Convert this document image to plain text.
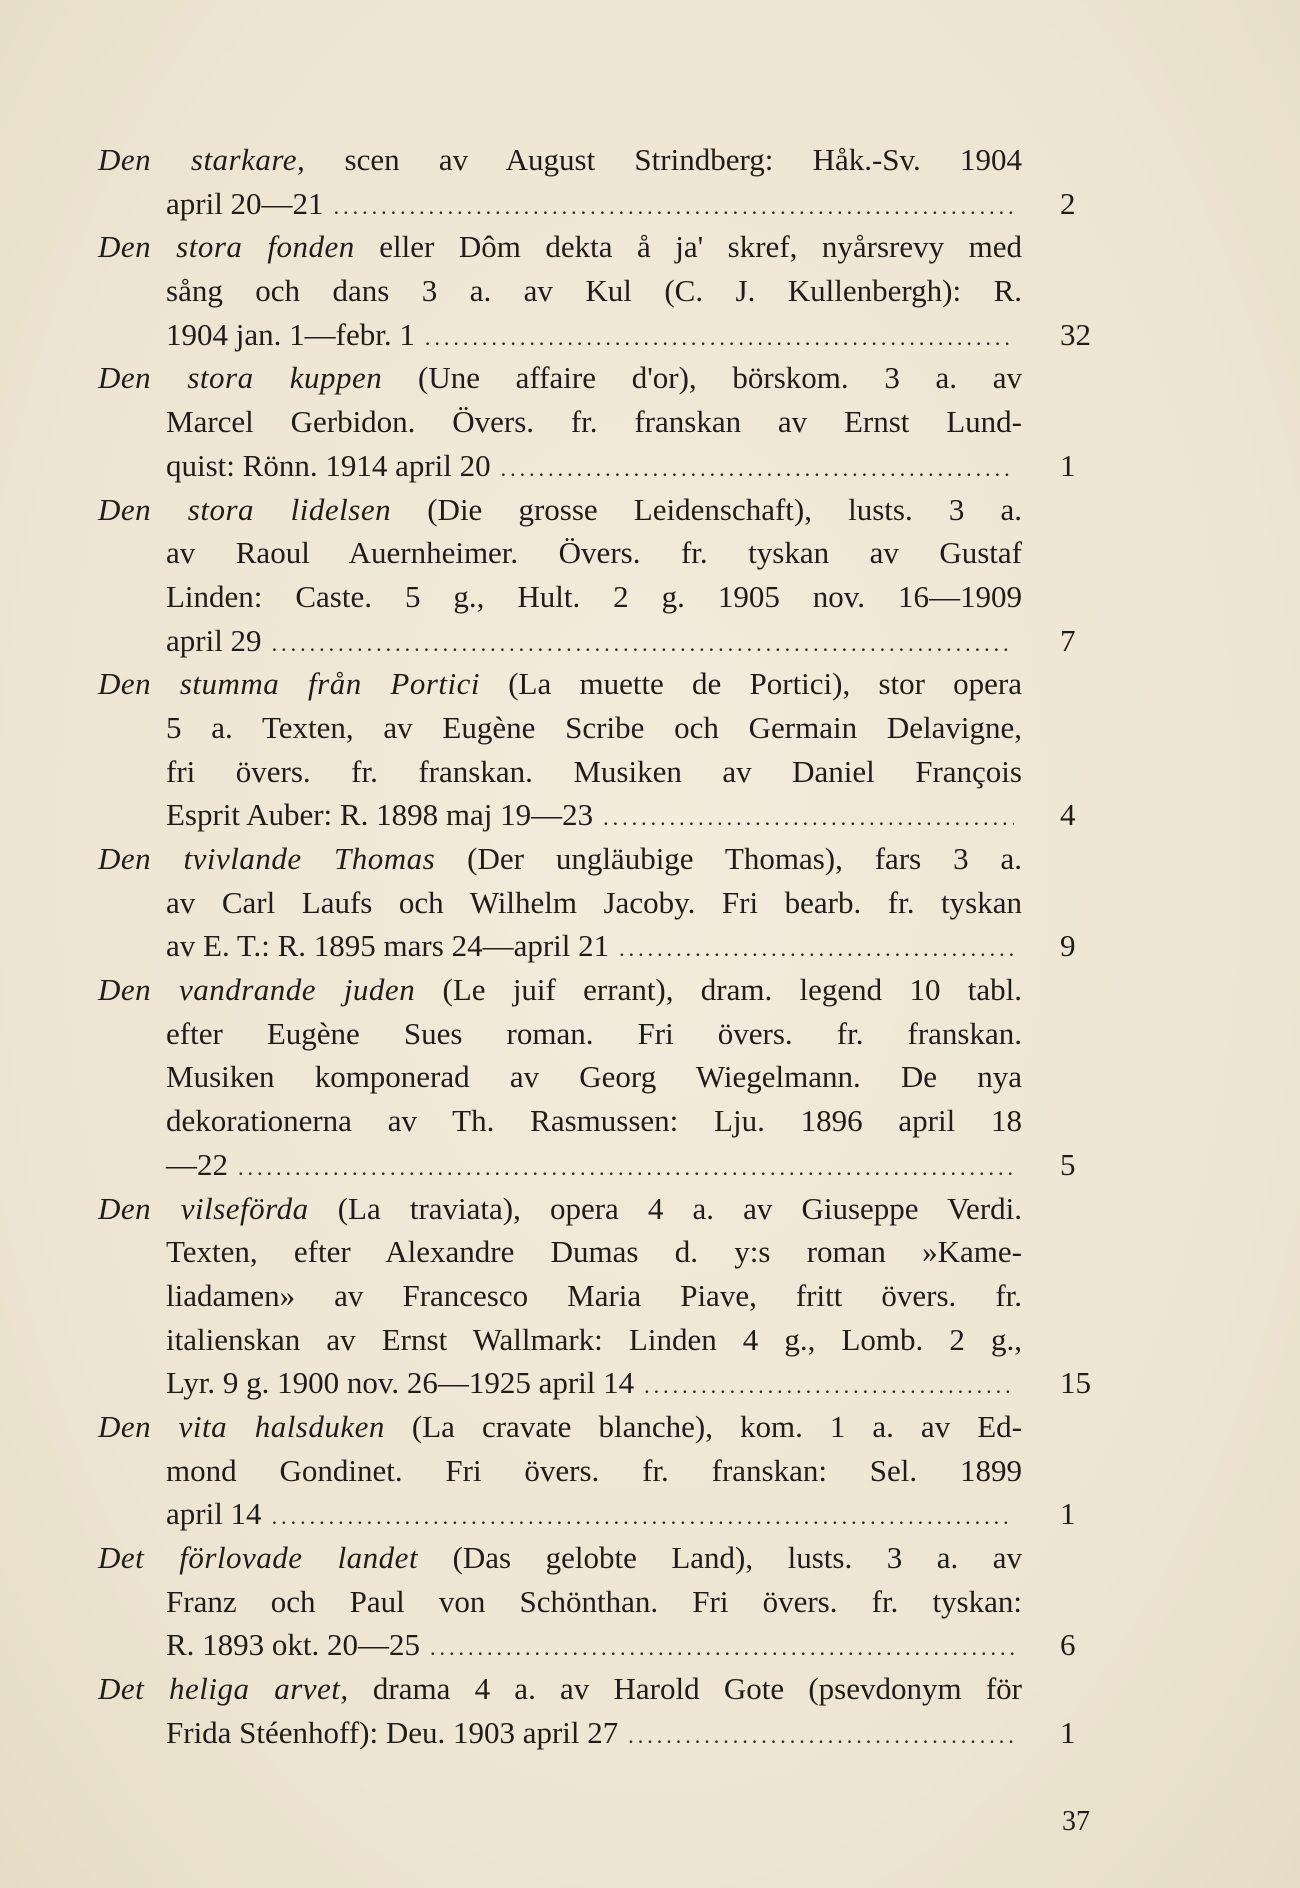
Den starkare, scen av August Strindberg: Håk.-Sv. 1904
april 20—21 .....	2
Den stora fonden eller Dôm dekta å ja' skref, nyårsrevy med
sång och dans 3 a. av Kul (C. J. Kullenbergh): R.
1904 jan. 1—febr. 1 .....	32
Den stora kuppen (Une affaire d'or), börskom. 3 a. av
Marcel Gerbidon. Övers. fr. franskan av Ernst Lund-
quist: Rönn. 1914 april 20 .....	1
Den stora lidelsen (Die grosse Leidenschaft), lusts. 3 a.
av Raoul Auernheimer. Övers. fr. tyskan av Gustaf
Linden: Caste. 5 g., Hult. 2 g. 1905 nov. 16—1909
april 29 .....	7
Den stumma från Portici (La muette de Portici), stor opera
5 a. Texten, av Eugène Scribe och Germain Delavigne,
fri övers. fr. franskan. Musiken av Daniel François
Esprit Auber: R. 1898 maj 19—23 .....	4
Den tvivlande Thomas (Der ungläubige Thomas), fars 3 a.
av Carl Laufs och Wilhelm Jacoby. Fri bearb. fr. tyskan
av E. T.: R. 1895 mars 24—april 21 .....	9
Den vandrande juden (Le juif errant), dram. legend 10 tabl.
efter Eugène Sues roman. Fri övers. fr. franskan.
Musiken komponerad av Georg Wiegelmann. De nya
dekorationerna av Th. Rasmussen: Lju. 1896 april 18
—22 .....	5
Den vilseförda (La traviata), opera 4 a. av Giuseppe Verdi.
Texten, efter Alexandre Dumas d. y:s roman »Kame-
liadamen» av Francesco Maria Piave, fritt övers. fr.
italienskan av Ernst Wallmark: Linden 4 g., Lomb. 2 g.,
Lyr. 9 g. 1900 nov. 26—1925 april 14 .....	15
Den vita halsduken (La cravate blanche), kom. 1 a. av Ed-
mond Gondinet. Fri övers. fr. franskan: Sel. 1899
april 14 .....	1
Det förlovade landet (Das gelobte Land), lusts. 3 a. av
Franz och Paul von Schönthan. Fri övers. fr. tyskan:
R. 1893 okt. 20—25 .....	6
Det heliga arvet, drama 4 a. av Harold Gote (psevdonym för
Frida Stéenhoff): Deu. 1903 april 27 .....	1
37
